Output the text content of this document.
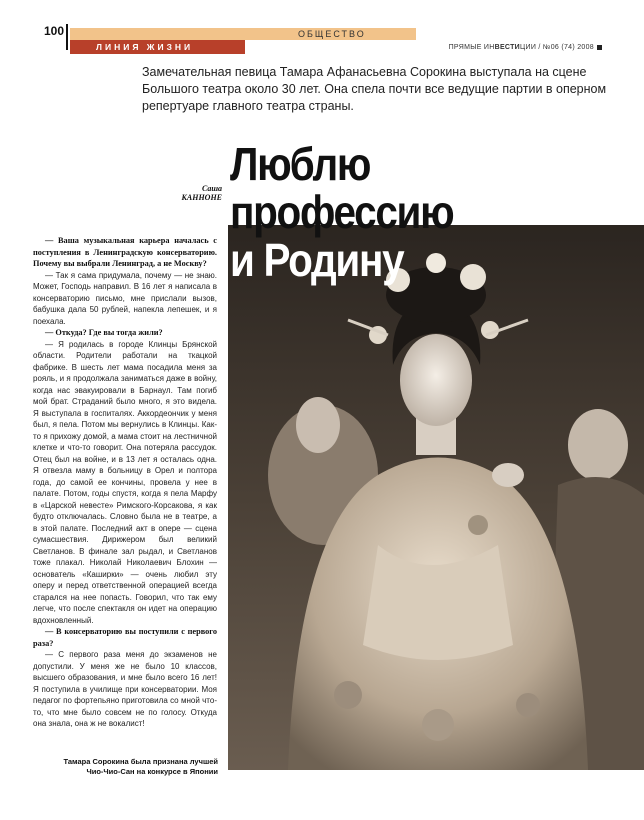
100	ОБЩЕСТВО
ЛИНИЯ ЖИЗНИ	ПРЯМЫЕ ИНВЕСТИЦИИ / №06 (74) 2008
Замечательная певица Тамара Афанасьевна Сорокина выступала на сцене Большого театра около 30 лет. Она спела почти все ведущие партии в оперном репертуаре главного театра страны.
Саша КАННОНЕ
Люблю
профессию
и Родину

— Ваша музыкальная карьера началась с поступления в Ленинградскую консерваторию. Почему вы выбрали Ленинград, а не Москву?

— Так я сама придумала, почему — не знаю. Может, Господь направил. В 16 лет я написала в консерваторию письмо, мне прислали вызов, бабушка дала 50 рублей, напекла лепешек, и я поехала.

— Откуда? Где вы тогда жили?

— Я родилась в городе Клинцы Брянской области. Родители работали на ткацкой фабрике. В шесть лет мама посадила меня за рояль, и я продолжала заниматься даже в войну, когда нас эвакуировали в Барнаул. Там погиб мой брат. Страданий было много, я это видела. Я выступала в госпиталях. Аккордеончик у меня был, я пела. Потом мы вернулись в Клинцы. Как-то я прихожу домой, а мама стоит на лестничной клетке и что-то говорит. Она потеряла рассудок. Отец был на войне, и в 13 лет я осталась одна. Я отвезла маму в больницу в Орел и полтора года, до самой ее кончины, провела у нее в палате. Потом, годы спустя, когда я пела Марфу в «Царской невесте» Римского-Корсакова, я как будто отключалась. Словно была не в театре, а в этой палате. Последний акт в опере — сцена сумасшествия. Дирижером был великий Светланов. В финале зал рыдал, и Светланов тоже плакал. Николай Николаевич Блохин — основатель «Каширки» — очень любил эту оперу и перед ответственной операцией всегда старался на нее попасть. Говорил, что так ему легче, что после спектакля он идет на операцию вдохновленный.

— В консерваторию вы поступили с первого раза?

— С первого раза меня до экзаменов не допустили. У меня же не было 10 классов, высшего образования, и мне было всего 16 лет! Я поступила в училище при консерватории. Моя педагог по фортепьяно приготовила со мной что-то, что мне было совсем не по голосу. Откуда она знала, она ж не вокалист!

Тамара Сорокина была признана лучшей Чио-Чио-Сан на конкурсе в Японии
